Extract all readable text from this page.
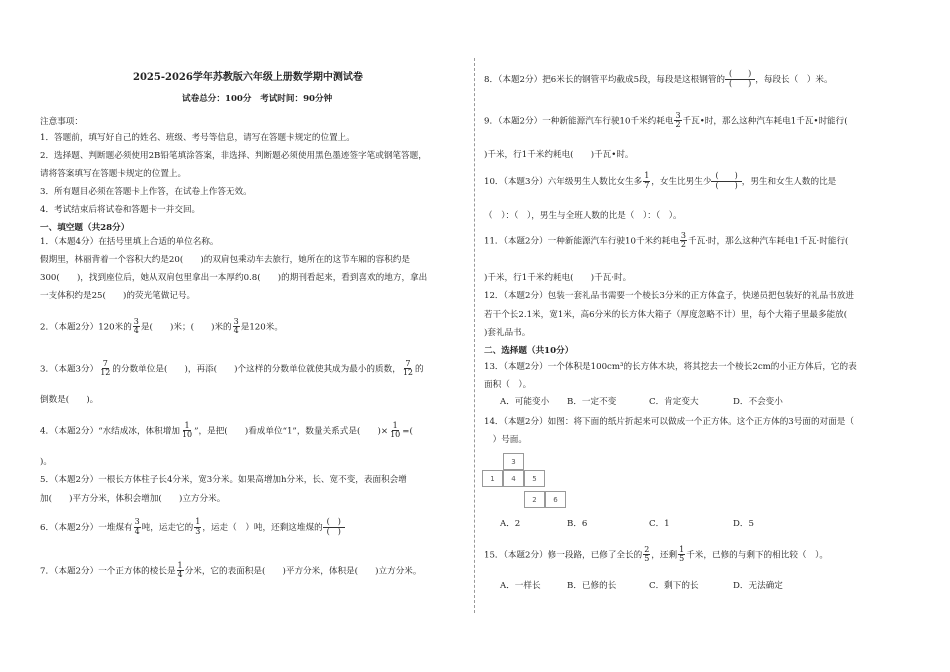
2025-2026学年苏教版六年级上册数学期中测试卷
试卷总分：100分　考试时间：90分钟
注意事项：
1．答题前，填写好自己的姓名、班级、考号等信息，请写在答题卡规定的位置上。
2．选择题、判断题必须使用2B铅笔填涂答案，非选择、判断题必须使用黑色墨迹签字笔或钢笔答题，
请将答案填写在答题卡规定的位置上。
3．所有题目必须在答题卡上作答，在试卷上作答无效。
4．考试结束后将试卷和答题卡一并交回。
一、填空题（共28分）
1．（本题4分）在括号里填上合适的单位名称。
假期里，林丽背着一个容积大约是20(　　)的双肩包乘动车去旅行，她所在的这节车厢的容积约是
300(　　)，找到座位后，她从双肩包里拿出一本厚约0.8(　　)的期刊看起来，看到喜欢的地方，拿出
一支体积约是25(　　)的荧光笔做记号。
2．（本题2分）120米的 $\frac{3}{4}$ 是(　　)米；(　　)米的 $\frac{3}{4}$ 是120米。
3．（本题3分） $\frac{7}{12}$ 的分数单位是(　　)，再添(　　)个这样的分数单位就使其成为最小的质数， $\frac{7}{12}$ 的
倒数是(　　)。
4．（本题2分）“水结成冰，体积增加 $\frac{1}{10}$ ”，是把(　　)看成单位“1”，数量关系式是(　　)× $\frac{1}{10}$ =(
)。
5．（本题2分）一根长方体柱子长4分米，宽3分米。如果高增加h分米，长、宽不变，表面积会增
加(　　)平方分米，体积会增加(　　)立方分米。
6．（本题2分）一堆煤有 $\frac{3}{4}$ 吨，运走它的 $\frac{1}{3}$ ，运走（　）吨，还剩这堆煤的
(　)
(　)
7．（本题2分）一个正方体的棱长是 $\frac{1}{4}$ 分米，它的表面积是(　　)平方分米，体积是(　　)立方分米。
8．（本题2分）把6米长的钢管平均截成5段，每段是这根钢管的
(　　)
(　　) ，每段长（　）米。
9．（本题2分）一种新能源汽车行驶10千米约耗电 $\frac{3}{2}$ 千瓦•时，那么这种汽车耗电1千瓦•时能行(
)千米，行1千米约耗电(　　)千瓦•时。
10．（本题3分）六年级男生人数比女生多 $\frac{1}{7}$ ，女生比男生少
(　　)
(　　) ，男生和女生人数的比是
（　）：（　），男生与全班人数的比是（　）：（　）。
11．（本题2分）一种新能源汽车行驶10千米约耗电 $\frac{3}{2}$ 千瓦·时，那么这种汽车耗电1千瓦·时能行(
)千米，行1千米约耗电(　　)千瓦·时。
12．（本题2分）包装一套礼品书需要一个棱长3分米的正方体盒子，快递员把包装好的礼品书放进
若干个长2.1米，宽1米，高6分米的长方体大箱子（厚度忽略不计）里，每个大箱子里最多能放(
)套礼品书。
二、选择题（共10分）
13．（本题2分）一个体积是100cm³的长方体木块，将其挖去一个棱长2cm的小正方体后，它的表
面积（　）。
A．可能变小 B．一定不变	C．肯定变大	D．不会变小
14．（本题2分）如图：将下面的纸片折起来可以做成一个正方体。这个正方体的3号面的对面是（
　）号面。
3
1	4	5
2	6
A．2	B．6	C．1	D．5
15．（本题2分）修一段路，已修了全长的 $\frac{2}{5}$ ，还剩 $\frac{1}{5}$ 千米，已修的与剩下的相比较（　）。
A．一样长	B．已修的长	C．剩下的长	D．无法确定
